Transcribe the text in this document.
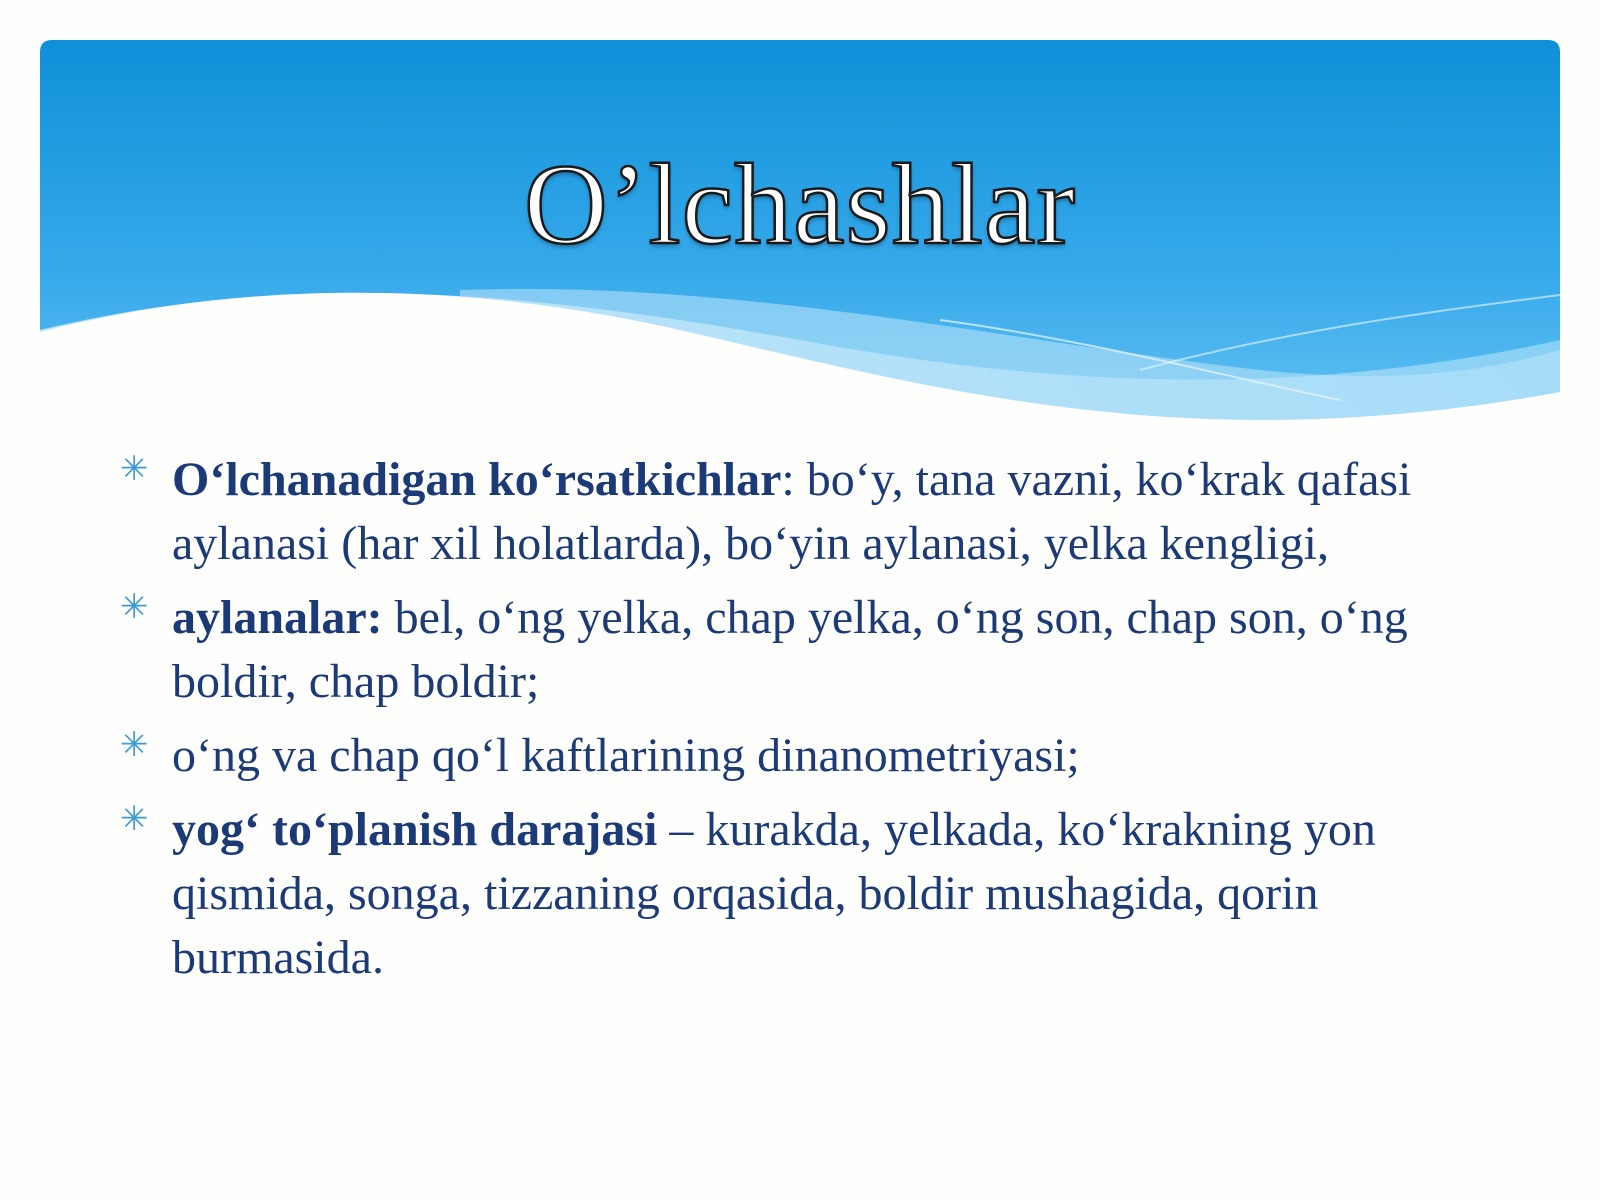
O’lchashlar
✳ O‘lchanadigan ko‘rsatkichlar: bo‘y, tana vazni, ko‘krak qafasi aylanasi (har xil holatlarda), bo‘yin aylanasi, yelka kengligi,
✳ aylanalar: bel, o‘ng yelka, chap yelka, o‘ng son, chap son, o‘ng boldir, chap boldir;
✳ o‘ng va chap qo‘l kaftlarining dinanometriyasi;
✳ yog‘ to‘planish darajasi – kurakda, yelkada, ko‘krakning yon qismida, songa, tizzaning orqasida, boldir mushagida, qorin burmasida.
